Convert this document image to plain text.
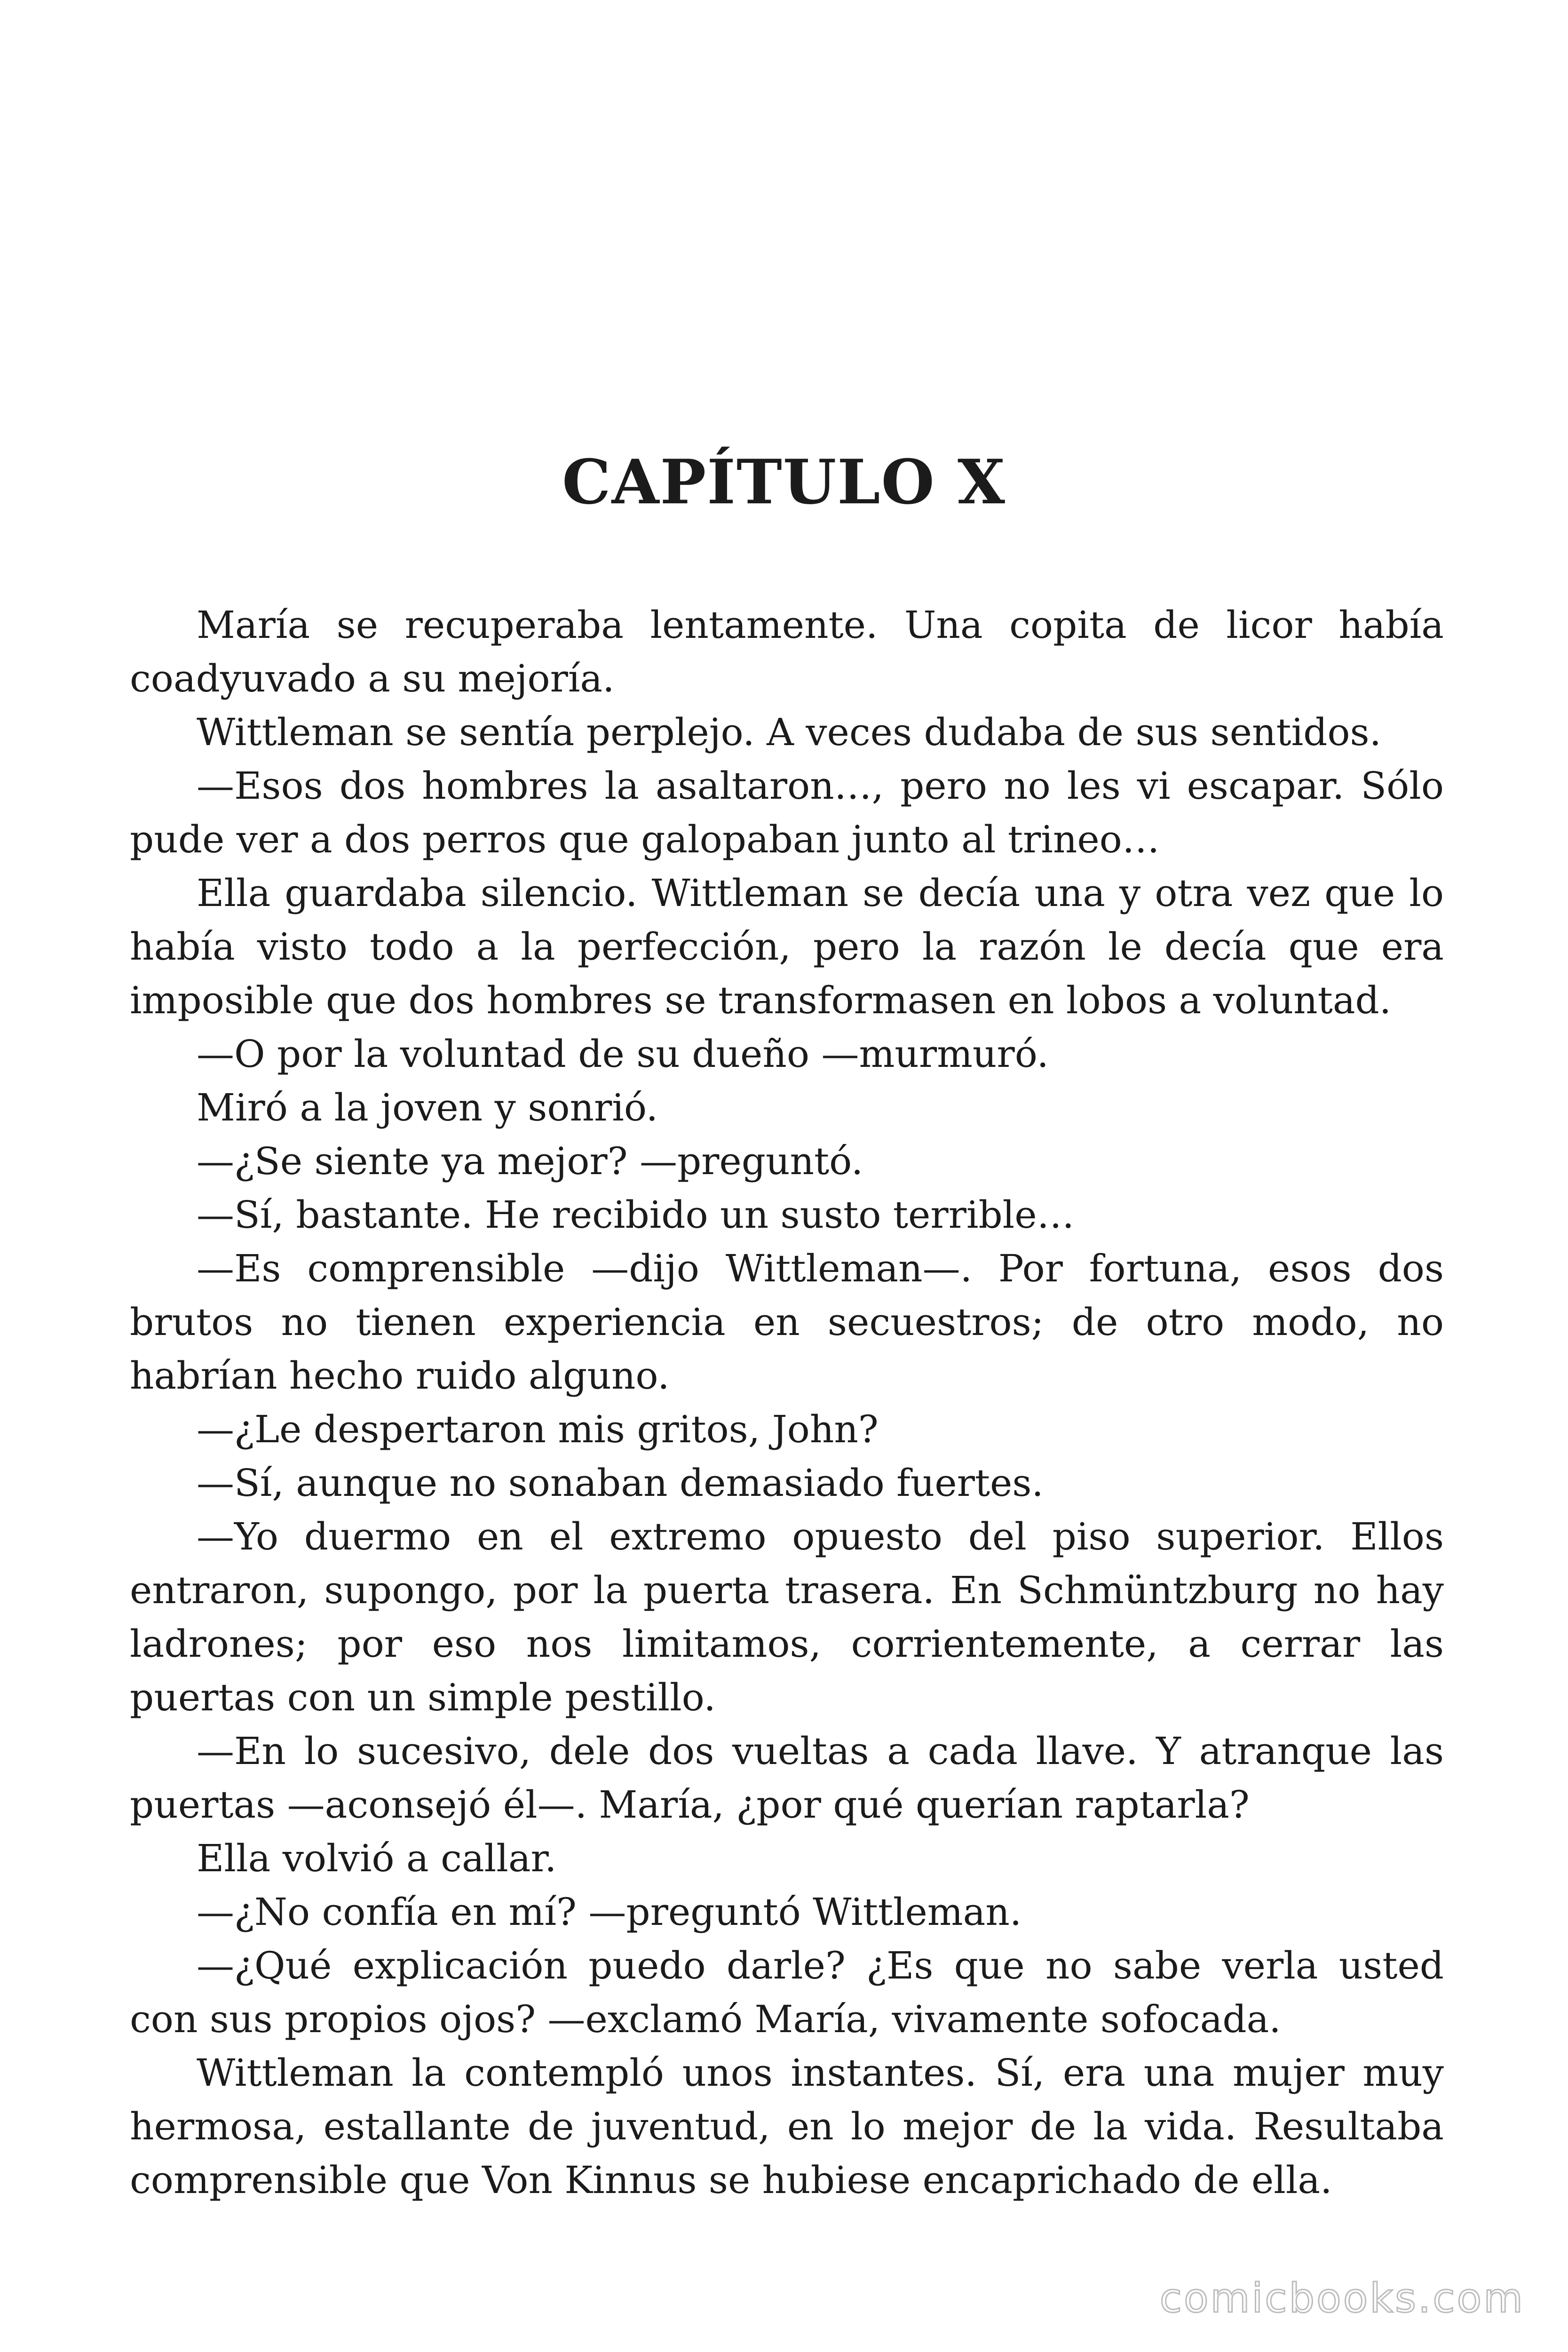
CAPÍTULO X

María se recuperaba lentamente. Una copita de licor había coadyuvado a su mejoría.

Wittleman se sentía perplejo. A veces dudaba de sus sentidos.

—Esos dos hombres la asaltaron…, pero no les vi escapar. Sólo pude ver a dos perros que galopaban junto al trineo…

Ella guardaba silencio. Wittleman se decía una y otra vez que lo había visto todo a la perfección, pero la razón le decía que era imposible que dos hombres se transformasen en lobos a voluntad.

—O por la voluntad de su dueño —murmuró.

Miró a la joven y sonrió.

—¿Se siente ya mejor? —preguntó.

—Sí, bastante. He recibido un susto terrible…

—Es comprensible —dijo Wittleman—. Por fortuna, esos dos brutos no tienen experiencia en secuestros; de otro modo, no habrían hecho ruido alguno.

—¿Le despertaron mis gritos, John?

—Sí, aunque no sonaban demasiado fuertes.

—Yo duermo en el extremo opuesto del piso superior. Ellos entraron, supongo, por la puerta trasera. En Schmüntzburg no hay ladrones; por eso nos limitamos, corrientemente, a cerrar las puertas con un simple pestillo.

—En lo sucesivo, dele dos vueltas a cada llave. Y atranque las puertas —aconsejó él—. María, ¿por qué querían raptarla?

Ella volvió a callar.

—¿No confía en mí? —preguntó Wittleman.

—¿Qué explicación puedo darle? ¿Es que no sabe verla usted con sus propios ojos? —exclamó María, vivamente sofocada.

Wittleman la contempló unos instantes. Sí, era una mujer muy hermosa, estallante de juventud, en lo mejor de la vida. Resultaba comprensible que Von Kinnus se hubiese encaprichado de ella.

comicbooks.com
